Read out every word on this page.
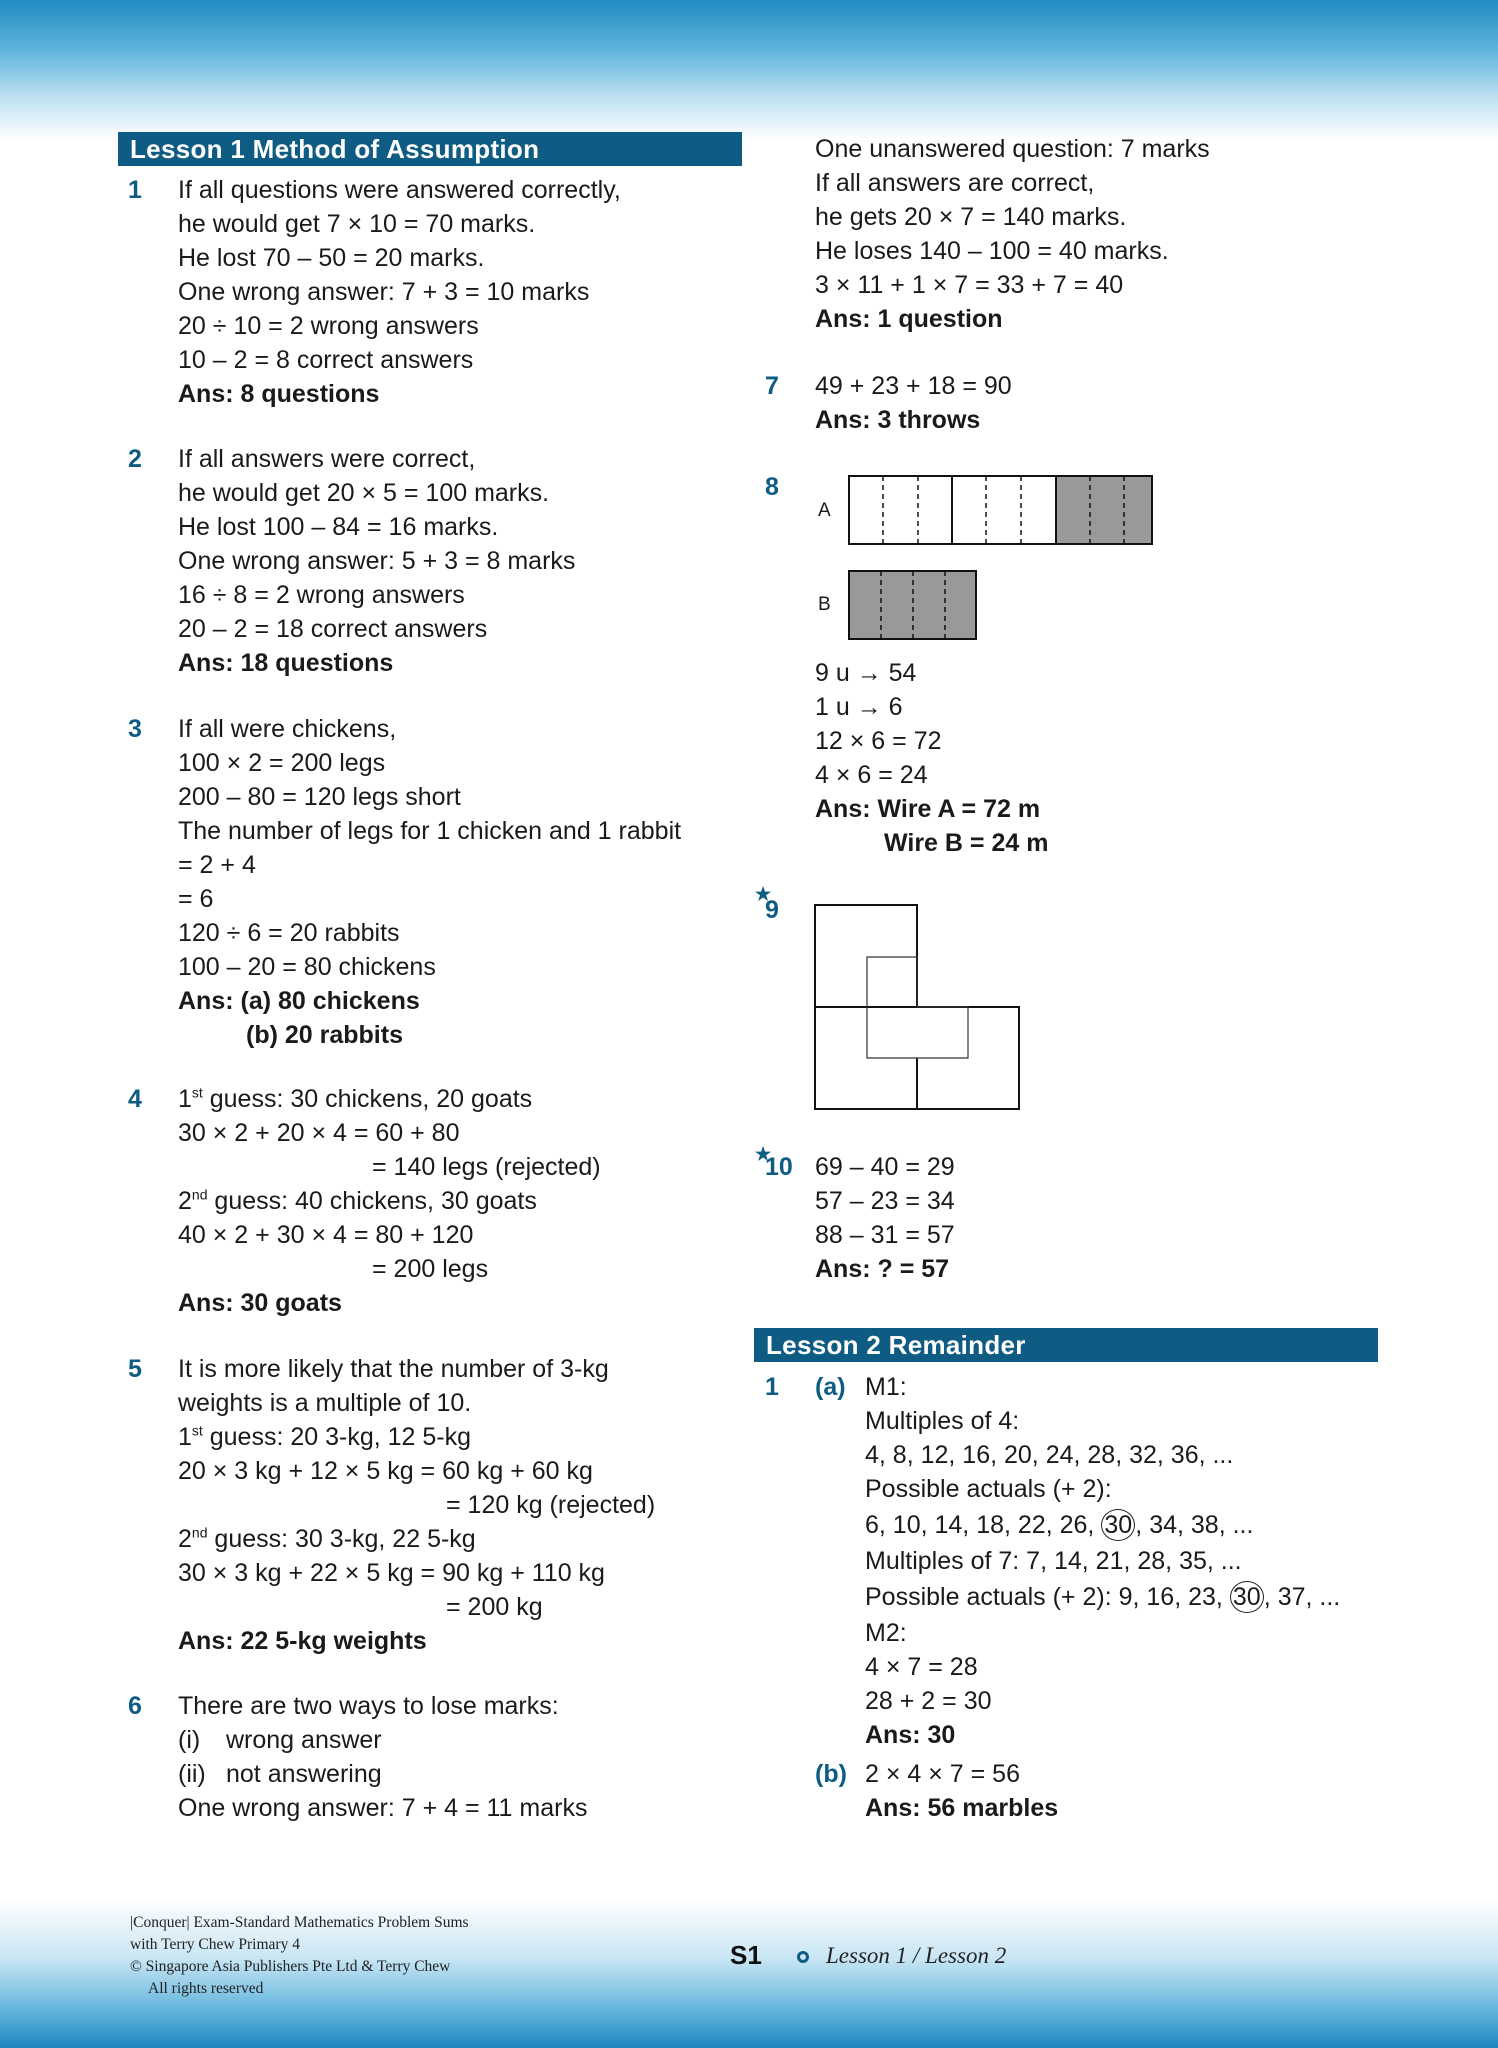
Lesson 1 Method of Assumption
1 If all questions were answered correctly,
he would get 7 × 10 = 70 marks.
He lost 70 – 50 = 20 marks.
One wrong answer: 7 + 3 = 10 marks
20 ÷ 10 = 2 wrong answers
10 – 2 = 8 correct answers
Ans: 8 questions
2 If all answers were correct,
he would get 20 × 5 = 100 marks.
He lost 100 – 84 = 16 marks.
One wrong answer: 5 + 3 = 8 marks
16 ÷ 8 = 2 wrong answers
20 – 2 = 18 correct answers
Ans: 18 questions
3 If all were chickens,
100 × 2 = 200 legs
200 – 80 = 120 legs short
The number of legs for 1 chicken and 1 rabbit
= 2 + 4
= 6
120 ÷ 6 = 20 rabbits
100 – 20 = 80 chickens
Ans: (a) 80 chickens
(b) 20 rabbits
4 1st guess: 30 chickens, 20 goats
30 × 2 + 20 × 4 = 60 + 80
= 140 legs (rejected)
2nd guess: 40 chickens, 30 goats
40 × 2 + 30 × 4 = 80 + 120
= 200 legs
Ans: 30 goats
5 It is more likely that the number of 3-kg
weights is a multiple of 10.
1st guess: 20 3-kg, 12 5-kg
20 × 3 kg + 12 × 5 kg = 60 kg + 60 kg
= 120 kg (rejected)
2nd guess: 30 3-kg, 22 5-kg
30 × 3 kg + 22 × 5 kg = 90 kg + 110 kg
= 200 kg
Ans: 22 5-kg weights
6 There are two ways to lose marks:
(i) wrong answer
(ii) not answering
One wrong answer: 7 + 4 = 11 marks
One unanswered question: 7 marks
If all answers are correct,
he gets 20 × 7 = 140 marks.
He loses 140 – 100 = 40 marks.
3 × 11 + 1 × 7 = 33 + 7 = 40
Ans: 1 question
7 49 + 23 + 18 = 90
Ans: 3 throws
8
A
B
9 u → 54
1 u → 6
12 × 6 = 72
4 × 6 = 24
Ans: Wire A = 72 m
Wire B = 24 m
★
9
★
10 69 – 40 = 29
57 – 23 = 34
88 – 31 = 57
Ans: ? = 57
Lesson 2 Remainder
1 (a) M1:
Multiples of 4:
4, 8, 12, 16, 20, 24, 28, 32, 36, ...
Possible actuals (+ 2):
6, 10, 14, 18, 22, 26, 30 , 34, 38, ...
Multiples of 7: 7, 14, 21, 28, 35, ...
Possible actuals (+ 2): 9, 16, 23, 30 , 37, ...
M2:
4 × 7 = 28
28 + 2 = 30
Ans: 30
(b) 2 × 4 × 7 = 56
Ans: 56 marbles
|Conquer| Exam-Standard Mathematics Problem Sums
with Terry Chew Primary 4
© Singapore Asia Publishers Pte Ltd & Terry Chew
All rights reserved
S1	Lesson 1 / Lesson 2
